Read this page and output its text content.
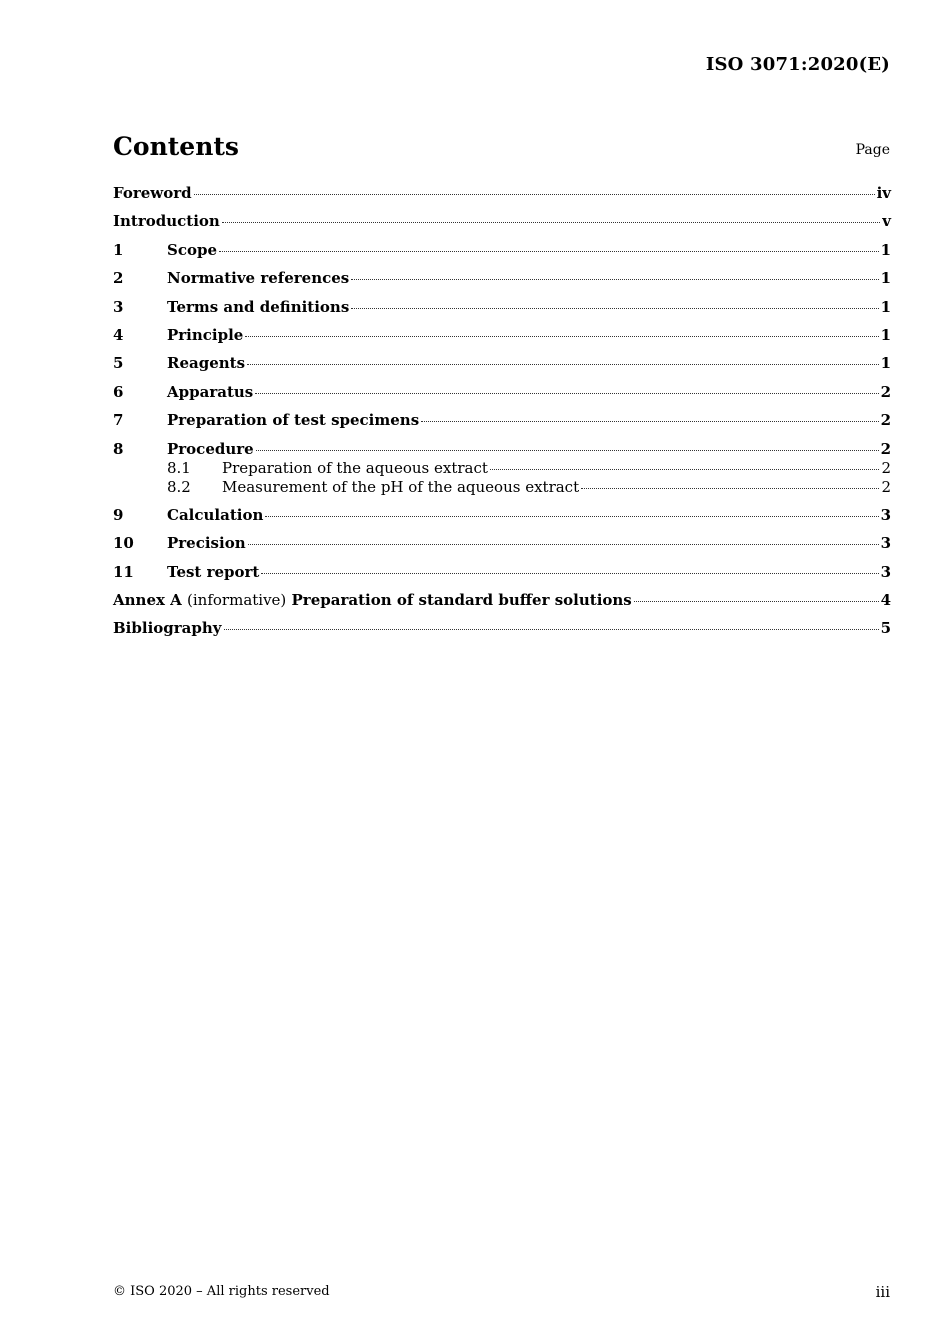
ISO 3071:2020(E)
Contents	Page
Foreword	iv
Introduction	v
1	Scope	1
2	Normative references	1
3	Terms and definitions	1
4	Principle	1
5	Reagents	1
6	Apparatus	2
7	Preparation of test specimens	2
8	Procedure	2
8.1	Preparation of the aqueous extract	2
8.2	Measurement of the pH of the aqueous extract	2
9	Calculation	3
10	Precision	3
11	Test report	3
Annex A (informative) Preparation of standard buffer solutions	4
Bibliography	5
© ISO 2020 – All rights reserved	iii
